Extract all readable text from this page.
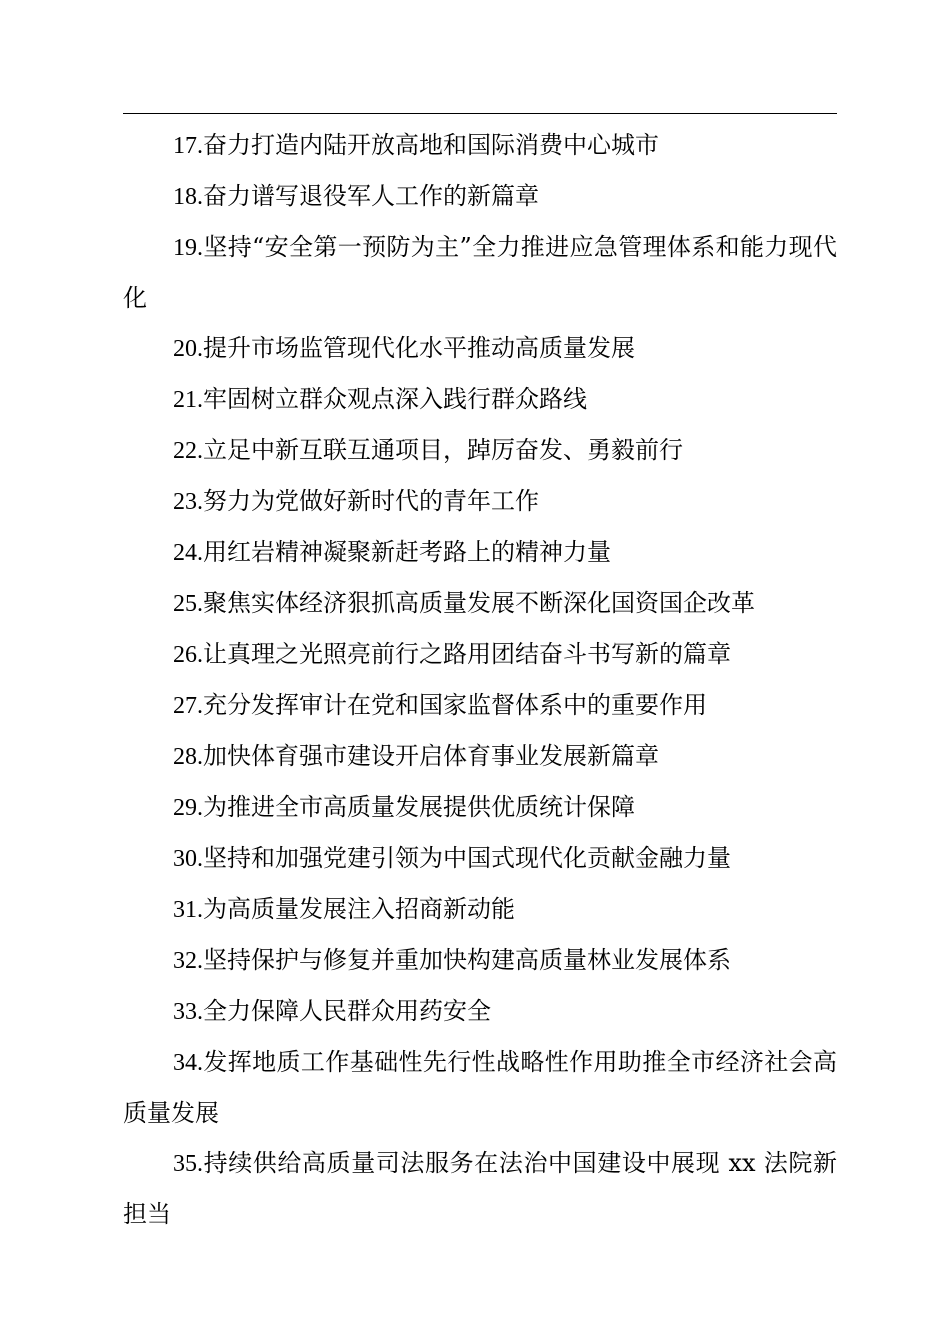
17.奋力打造内陆开放高地和国际消费中心城市

18.奋力谱写退役军人工作的新篇章

19.坚持“安全第一预防为主”全力推进应急管理体系和能力现代化

20.提升市场监管现代化水平推动高质量发展

21.牢固树立群众观点深入践行群众路线

22.立足中新互联互通项目，踔厉奋发、勇毅前行

23.努力为党做好新时代的青年工作

24.用红岩精神凝聚新赶考路上的精神力量

25.聚焦实体经济狠抓高质量发展不断深化国资国企改革

26.让真理之光照亮前行之路用团结奋斗书写新的篇章

27.充分发挥审计在党和国家监督体系中的重要作用

28.加快体育强市建设开启体育事业发展新篇章

29.为推进全市高质量发展提供优质统计保障

30.坚持和加强党建引领为中国式现代化贡献金融力量

31.为高质量发展注入招商新动能

32.坚持保护与修复并重加快构建高质量林业发展体系

33.全力保障人民群众用药安全

34.发挥地质工作基础性先行性战略性作用助推全市经济社会高质量发展

35.持续供给高质量司法服务在法治中国建设中展现 xx 法院新担当
